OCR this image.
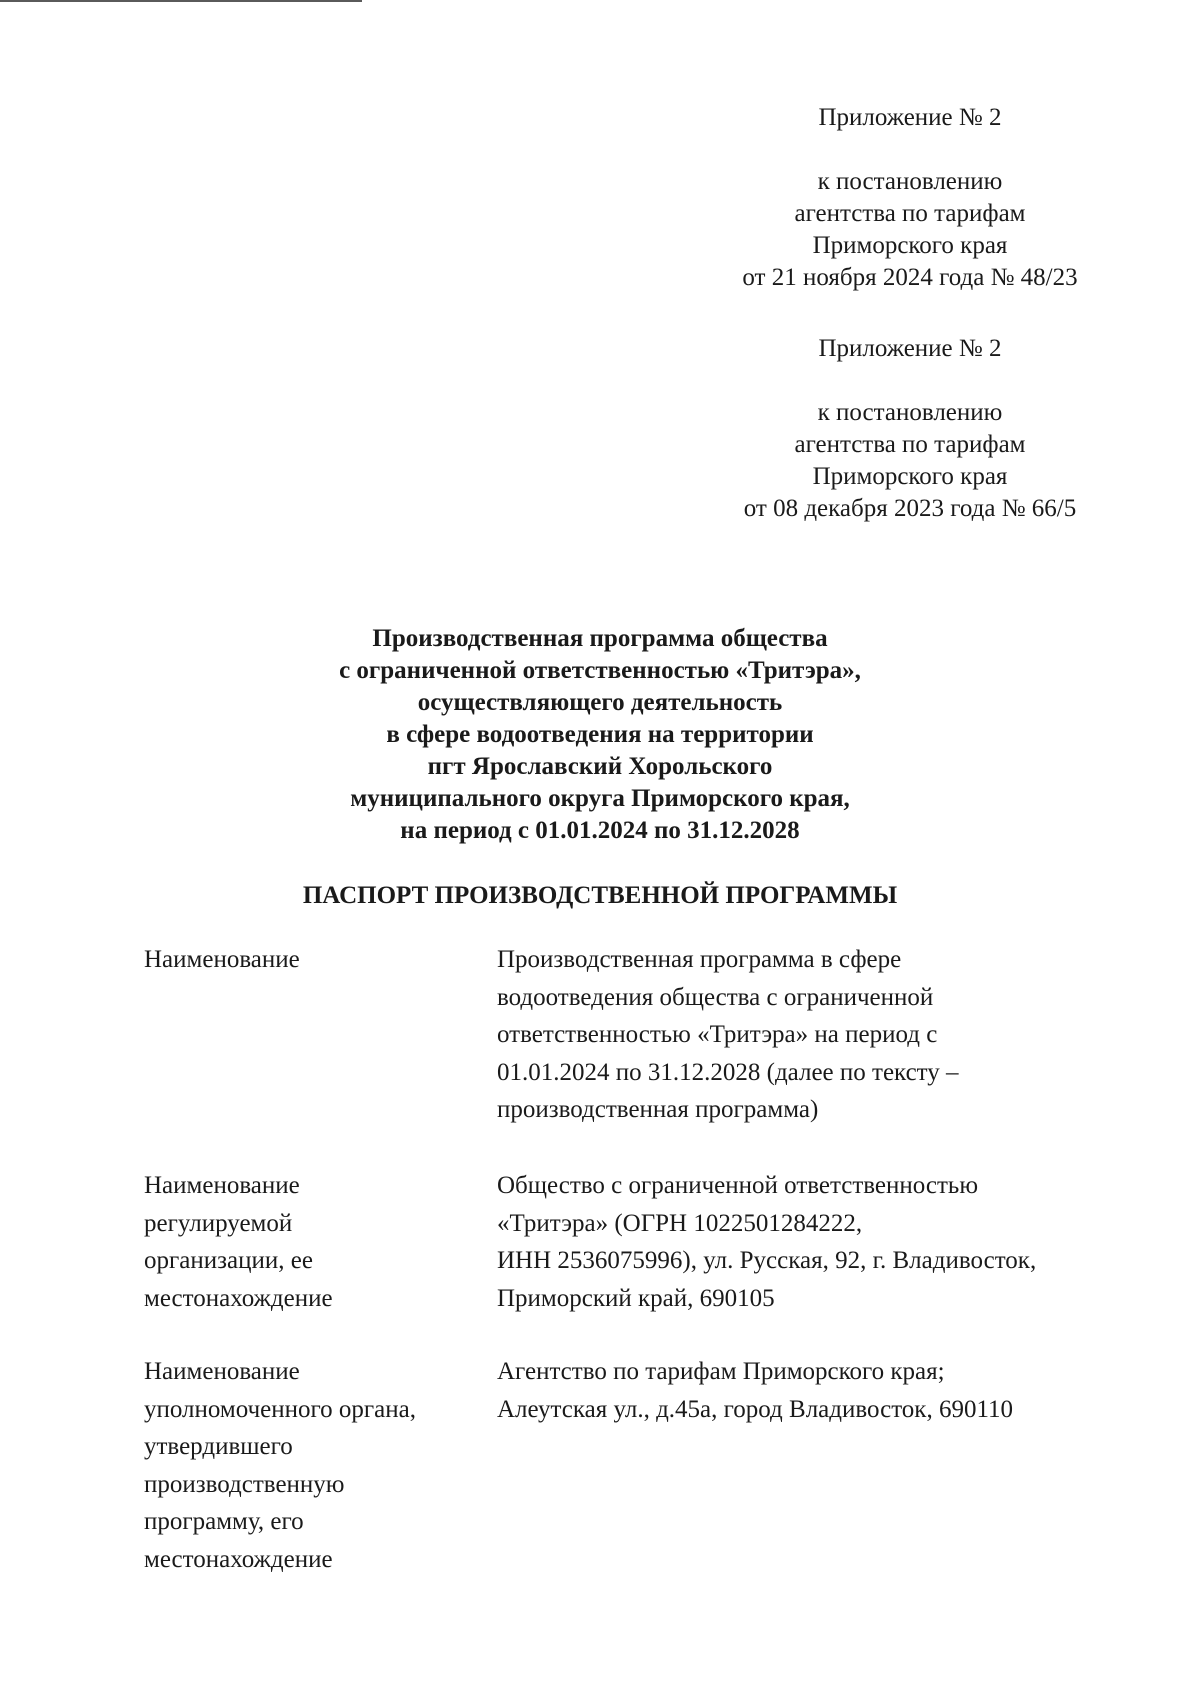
Приложение № 2
к постановлению
агентства по тарифам
Приморского края
от 21 ноября 2024 года № 48/23
Приложение № 2
к постановлению
агентства по тарифам
Приморского края
от 08 декабря 2023 года № 66/5
Производственная программа общества
с ограниченной ответственностью «Тритэра»,
осуществляющего деятельность
в сфере водоотведения на территории
пгт Ярославский Хорольского
муниципального округа Приморского края,
на период с 01.01.2024 по 31.12.2028
ПАСПОРТ ПРОИЗВОДСТВЕННОЙ ПРОГРАММЫ
Наименование	Производственная программа в сфере
водоотведения общества с ограниченной
ответственностью «Тритэра» на период с
01.01.2024 по 31.12.2028 (далее по тексту –
производственная программа)
Наименование
регулируемой
организации, ее
местонахождение
Общество с ограниченной ответственностью
«Тритэра» (ОГРН 1022501284222,
ИНН 2536075996), ул. Русская, 92, г. Владивосток,
Приморский край, 690105
Наименование
уполномоченного органа,
утвердившего
производственную
программу, его
местонахождение
Агентство по тарифам Приморского края;
Алеутская ул., д.45а, город Владивосток, 690110
